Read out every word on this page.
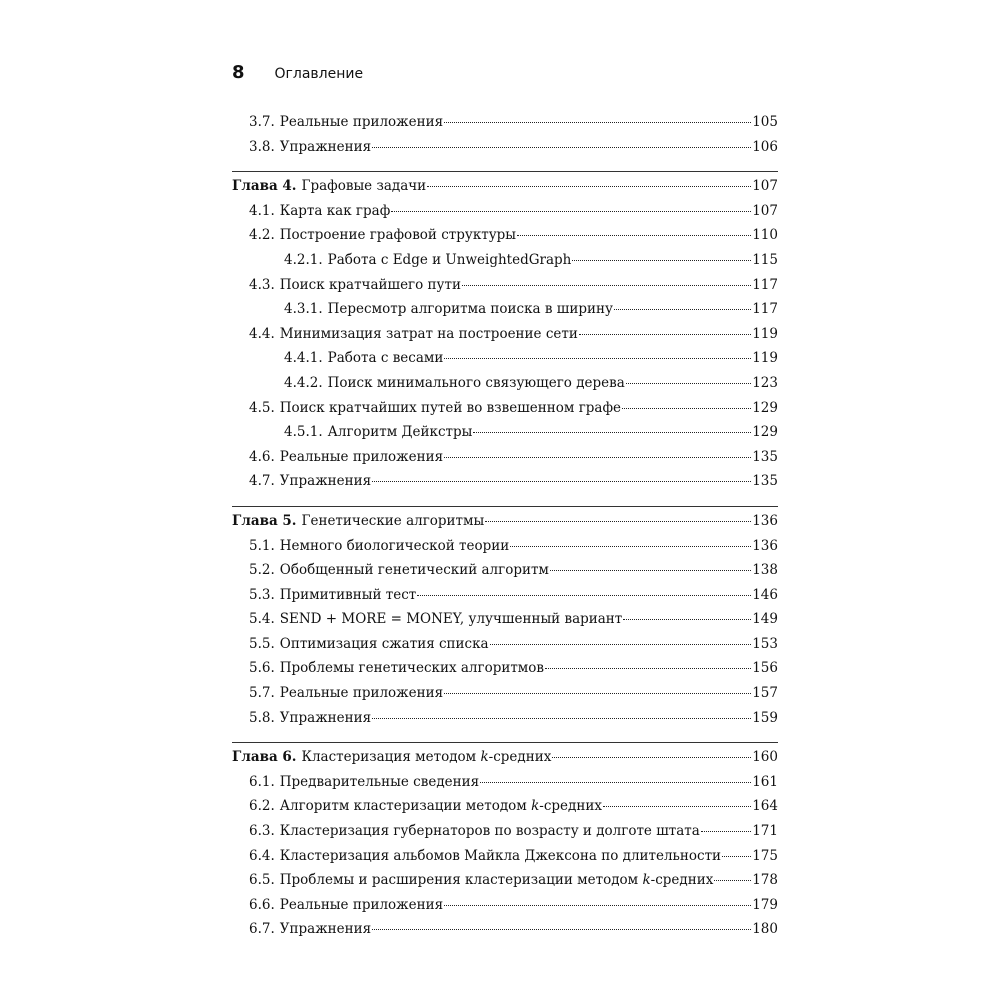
8 Оглавление
3.7. Реальные приложения	105
3.8. Упражнения	106
Глава 4. Графовые задачи	107
4.1. Карта как граф	107
4.2. Построение графовой структуры	110
4.2.1. Работа с Edge и UnweightedGraph	115
4.3. Поиск кратчайшего пути	117
4.3.1. Пересмотр алгоритма поиска в ширину	117
4.4. Минимизация затрат на построение сети	119
4.4.1. Работа с весами	119
4.4.2. Поиск минимального связующего дерева	123
4.5. Поиск кратчайших путей во взвешенном графе	129
4.5.1. Алгоритм Дейкстры	129
4.6. Реальные приложения	135
4.7. Упражнения	135
Глава 5. Генетические алгоритмы	136
5.1. Немного биологической теории	136
5.2. Обобщенный генетический алгоритм	138
5.3. Примитивный тест	146
5.4. SEND + MORE = MONEY, улучшенный вариант	149
5.5. Оптимизация сжатия списка	153
5.6. Проблемы генетических алгоритмов	156
5.7. Реальные приложения	157
5.8. Упражнения	159
Глава 6. Кластеризация методом k-средних	160
6.1. Предварительные сведения	161
6.2. Алгоритм кластеризации методом k-средних	164
6.3. Кластеризация губернаторов по возрасту и долготе штата	171
6.4. Кластеризация альбомов Майкла Джексона по длительности 175
6.5. Проблемы и расширения кластеризации методом k-средних	178
6.6. Реальные приложения	179
6.7. Упражнения	180
